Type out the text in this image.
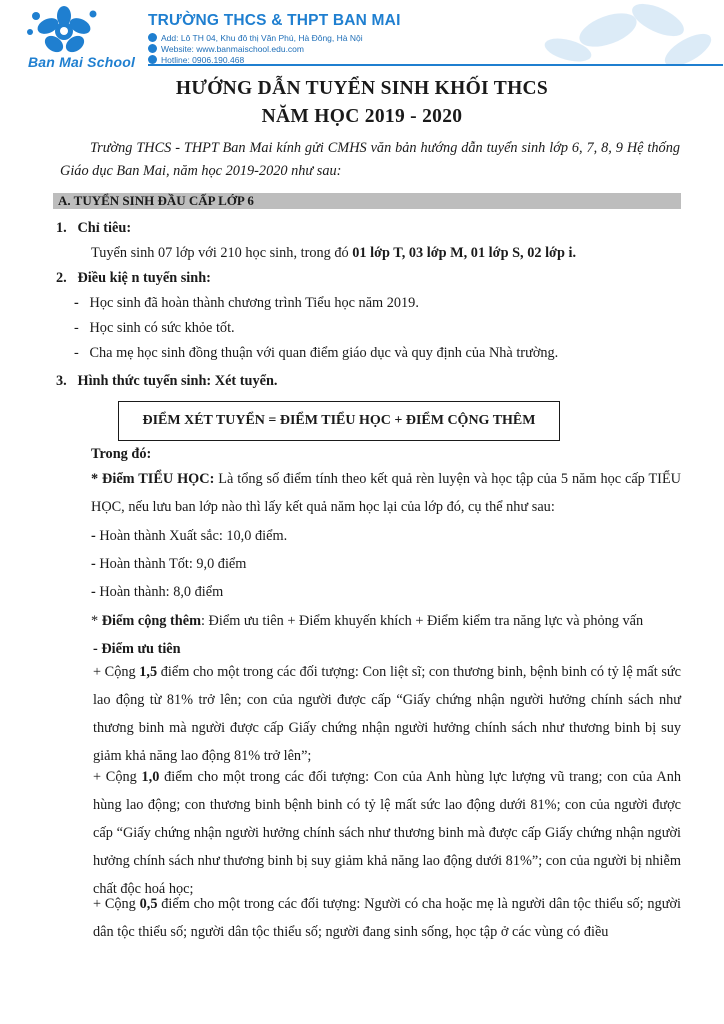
Ban Mai School
TRƯỜNG THCS & THPT BAN MAI
Add: Lô TH 04, Khu đô thị Văn Phú, Hà Đông, Hà Nội
Website: www.banmaischool.edu.com
Hotline: 0906.190.468
HƯỚNG DẪN TUYỂN SINH KHỐI THCS
NĂM HỌC 2019 - 2020
Trường THCS - THPT Ban Mai kính gửi CMHS văn bản hướng dẫn tuyển sinh lớp 6, 7, 8, 9 Hệ thống Giáo dục Ban Mai, năm học 2019-2020 như sau:
A. TUYỂN SINH ĐẦU CẤP LỚP 6
1. Chỉ tiêu:
Tuyển sinh 07 lớp với 210 học sinh, trong đó 01 lớp T, 03 lớp M, 01 lớp S, 02 lớp i.
2. Điều kiệ n tuyển sinh:
- Học sinh đã hoàn thành chương trình Tiểu học năm 2019.
-   Học sinh có sức khỏe tốt.
-   Cha mẹ học sinh đồng thuận với quan điểm giáo dục và quy định của Nhà trường.
3. Hình thức tuyển sinh: Xét tuyển.
ĐIỂM XÉT TUYỂN = ĐIỂM TIỂU HỌC + ĐIỂM CỘNG THÊM
Trong đó:
* Điểm TIỂU HỌC: Là tổng số điểm tính theo kết quả rèn luyện và học tập của 5 năm học cấp TIỂU HỌC, nếu lưu ban lớp nào thì lấy kết quả năm học lại của lớp đó, cụ thể như sau:
- Hoàn thành Xuất sắc: 10,0 điểm.
- Hoàn thành Tốt: 9,0 điểm
- Hoàn thành: 8,0 điểm
* Điểm cộng thêm: Điểm ưu tiên + Điểm khuyến khích + Điểm kiểm tra năng lực và phỏng vấn
- Điểm ưu tiên
+ Cộng 1,5 điểm cho một trong các đối tượng: Con liệt sĩ; con thương binh, bệnh binh có tỷ lệ mất sức lao động từ 81% trở lên; con của người được cấp “Giấy chứng nhận người hưởng chính sách như thương binh mà người được cấp Giấy chứng nhận người hưởng chính sách như thương binh bị suy giảm khả năng lao động 81% trở lên”;
+ Cộng 1,0 điểm cho một trong các đối tượng: Con của Anh hùng lực lượng vũ trang; con của Anh hùng lao động; con thương binh bệnh binh có tỷ lệ mất sức lao động dưới 81%; con của người được cấp “Giấy chứng nhận người hưởng chính sách như thương binh mà được cấp Giấy chứng nhận người hưởng chính sách như thương binh bị suy giảm khả năng lao động dưới 81%”; con của người bị nhiễm chất độc hoá học;
+ Cộng 0,5 điểm cho một trong các đối tượng: Người có cha hoặc mẹ là người dân tộc thiểu số; người dân tộc thiểu số; người dân tộc thiểu số; người đang sinh sống, học tập ở các vùng có điều
